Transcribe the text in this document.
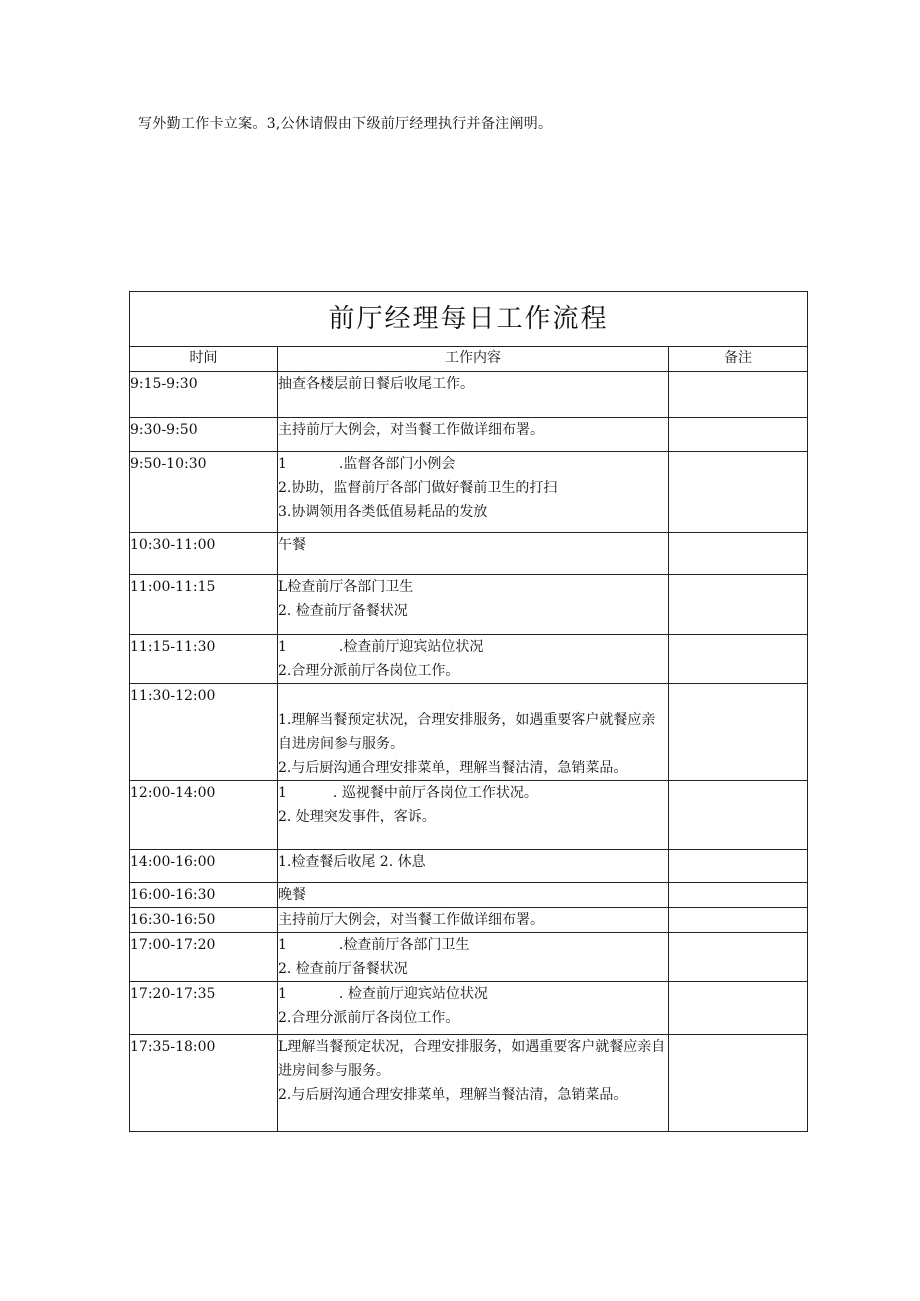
写外勤工作卡立案。3,公休请假由下级前厅经理执行并备注阐明。
前厅经理每日工作流程		
时间	工作内容	备注
9:15-9:30	抽查各楼层前日餐后收尾工作。	

9:30-9:50	主持前厅大例会，对当餐工作做详细布署。	

9:50-10:30	1 .监督各部门小例会
2.协助，监督前厅各部门做好餐前卫生的打扫
3.协调领用各类低值易耗品的发放	

10:30-11:00	午餐	

11:00-11:15	L检查前厅各部门卫生
2. 检查前厅备餐状况	

11:15-11:30	1 .检查前厅迎宾站位状况
2.合理分派前厅各岗位工作。	

11:30-12:00	1.理解当餐预定状况，合理安排服务，如遇重要客户就餐应亲自进房间参与服务。
2.与后厨沟通合理安排菜单，理解当餐沽清，急销菜品。	

12:00-14:00	1 . 巡视餐中前厅各岗位工作状况。
2. 处理突发事件，客诉。	

14:00-16:00	1.检查餐后收尾 2. 休息	

16:00-16:30	晚餐	

16:30-16:50	主持前厅大例会，对当餐工作做详细布署。	

17:00-17:20	1 .检查前厅各部门卫生
2. 检查前厅备餐状况	

17:20-17:35	1 . 检查前厅迎宾站位状况
2.合理分派前厅各岗位工作。	

17:35-18:00	L理解当餐预定状况，合理安排服务，如遇重要客户就餐应亲自进房间参与服务。
2.与后厨沟通合理安排菜单，理解当餐沽清，急销菜品。	
